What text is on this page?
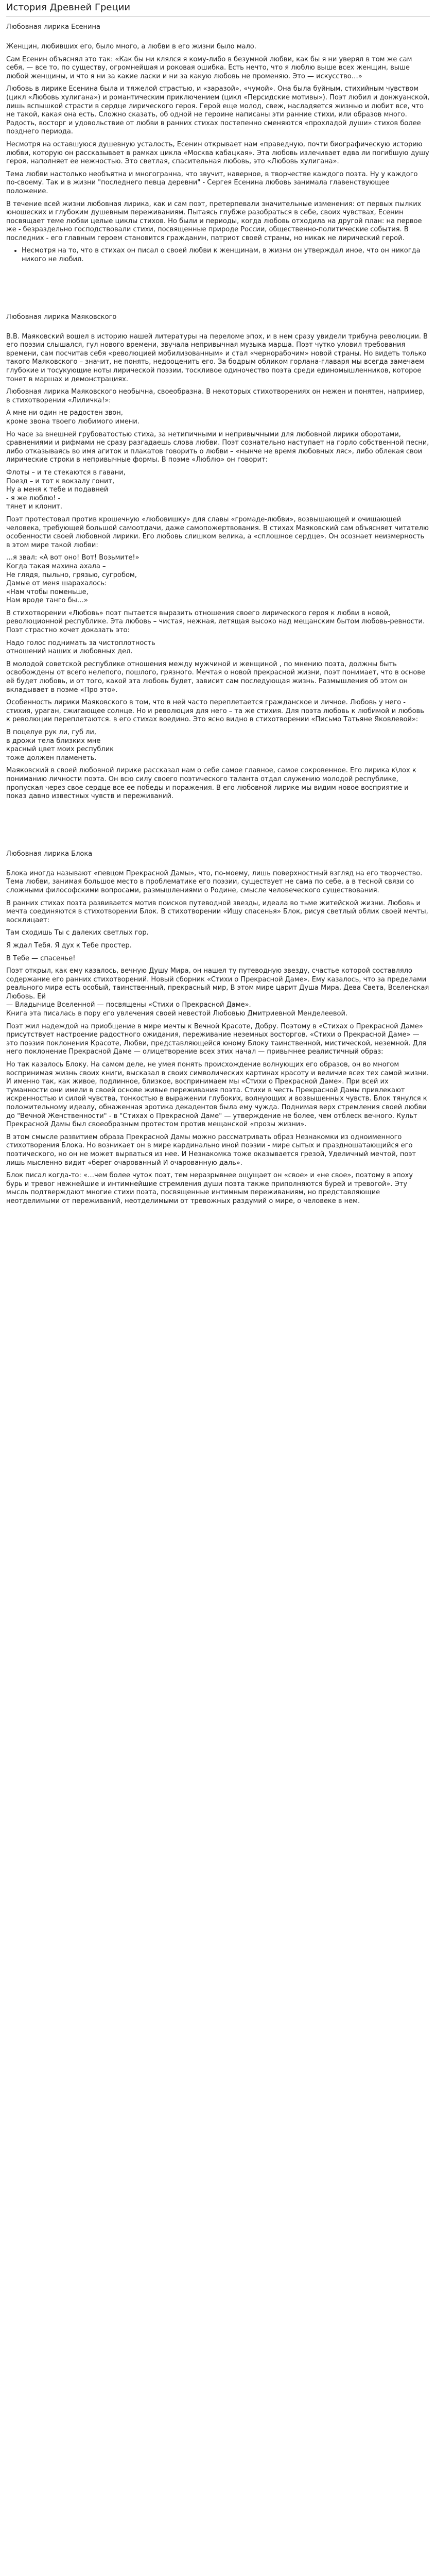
История Древней Греции
Любовная лирика Есенина

Женщин, любивших его, было много, а любви в его жизни было мало.

Сам Есенин объяснял это так: «Как бы ни клялся я кому-либо в безумной любви, как бы я ни уверял в том же сам себя, — все то, по существу, огромнейшая и роковая ошибка. Есть нечто, что я люблю выше всех женщин, выше любой женщины, и что я ни за какие ласки и ни за какую любовь не променяю. Это — искусство…»

Любовь в лирике Есенина была и тяжелой страстью, и «заразой», «чумой». Она была буйным, стихийным чувством (цикл «Любовь хулигана») и романтическим приключением (цикл «Персидские мотивы»). Поэт любил и донжуанской, лишь вспышкой страсти в сердце лирического героя. Герой еще молод, свеж, насладяется жизнью и любит все, что не такой, какая она есть. Сложно сказать, об одной не героине написаны эти ранние стихи, или образов много. Радость, восторг и удовольствие от любви в ранних стихах постепенно сменяются «прохладой души» стихов более позднего периода.

Несмотря на оставшуюся душевную усталость, Есенин открывает нам «праведную, почти биографическую историю любви, которую он рассказывает в рамках цикла «Москва кабацкая». Эта любовь излечивает едва ли погибшую душу героя, наполняет ее нежностью. Это светлая, спасительная любовь, это «Любовь хулигана».

Тема любви настолько необъятна и многогранна, что звучит, наверное, в творчестве каждого поэта. Ну у каждого по-своему. Так и в жизни "последнего певца деревни" - Сергея Есенина любовь занимала главенствующее положение.

В течение всей жизни любовная лирика, как и сам поэт, претерпевали значительные изменения: от первых пылких юношеских и глубоким душевным переживаниям. Пытаясь глубже разобраться в себе, своих чувствах, Есенин посвящает теме любви целые циклы стихов. Но были и периоды, когда любовь отходила на другой план: на первое же - безраздельно господствовали стихи, посвященные природе России, общественно-политические события. В последних - его главным героем становится гражданин, патриот своей страны, но никак не лирический герой.

• Несмотря на то, что в стихах он писал о своей любви к женщинам, в жизни он утверждал иное, что он никогда никого не любил.
Любовная лирика Маяковского

В.В. Маяковский вошел в историю нашей литературы на переломе эпох, и в нем сразу увидели трибуна революции. В его поэзии слышался, гул нового времени, звучала непривычная музыка марша. Поэт чутко уловил требования времени, сам посчитав себя «революцией мобилизованным» и стал «чернорабочим» новой страны. Но видеть только такого Маяковского – значит, не понять, недооценить его. За бодрым обликом горлана-главаря мы всегда замечаем глубокие и тосукующие ноты лирической поэзии, тоскливое одиночество поэта среди единомышленников, которое тонет в маршах и демонстрациях.

Любовная лирика Маяковского необычна, своеобразна. В некоторых стихотворениях он нежен и понятен, например, в стихотворении «Лиличка!»:

А мне ни один не радостен звон,
кроме звона твоего любимого имени.

Но часе за внешней грубоватостью стиха, за нетипичными и непривычными для любовной лирики оборотами, сравнениями и рифмами не сразу разгадаешь слова любви. Поэт сознательно наступает на горло собственной песни, либо отказываясь во имя агиток и плакатов говорить о любви – «нынче не время любовных ляс», либо облекая свои лирические строки в непривычные формы. В поэме «Люблю» он говорит:

Флоты – и те стекаются в гавани,
Поезд – и тот к вокзалу гонит,
Ну а меня к тебе и подавней
- я же люблю! -
тянет и клонит.

Поэт протестовал против крошечную «любовишку» для славы «громаде-любви», возвышающей и очищающей человека, требующей большой самоотдачи, даже самопожертвования. В стихах Маяковский сам объясняет читателю особенности своей любовной лирики. Его любовь слишком велика, а «сплошное сердце». Он осознает неизмерность в этом мире такой любви:

…я звал: «А вот оно! Вот! Возьмите!»
Когда такая махина ахала –
Не глядя, пыльно, грязью, сугробом,
Дамые от меня шарахалось:
«Нам чтобы поменьше,
Нам вроде танго бы…»

В стихотворении «Любовь» поэт пытается выразить отношения своего лирического героя к любви в новой, революционной республике. Эта любовь – чистая, нежная, летящая высоко над мещанским бытом любовь-ревности. Поэт страстно хочет доказать это:

Надо голос поднимать за чистоплотность
отношений наших и любовных дел.

В молодой советской республике отношения между мужчиной и женщиной , по мнению поэта, должны быть освобождены от всего нелепого, пошлого, грязного. Мечтая о новой прекрасной жизни, поэт понимает, что в основе её будет любовь, и от того, какой эта любовь будет, зависит сам последующая жизнь. Размышления об этом он вкладывает в поэме «Про это».

Особенность лирики Маяковского в том, что в ней часто переплетается гражданское и личное. Любовь у него - стихия, ураган, сжигающее солнце. Но и революция для него – та же стихия. Для поэта любовь к любимой и любовь к революции переплетаются. в его стихах воедино. Это ясно видно в стихотворении «Письмо Татьяне Яковлевой»:

В поцелуе рук ли, губ ли,
в дрожи тела близких мне
красный цвет моих республик
тоже должен пламенеть.

Маяковский в своей любовной лирике рассказал нам о себе самое главное, самое сокровенное. Его лирика к\лох к пониманию личности поэта. Он всю силу своего поэтического таланта отдал служению молодой республике, пропуская через свое сердце все ее победы и поражения. В его любовной лирике мы видим новое восприятие и показ давно известных чувств и переживаний.

Любовная лирика Блока

Блока иногда называют «певцом Прекрасной Дамы», что, по-моему, лишь поверхностный взгляд на его творчество. Тема любви, занимая большое место в проблематике его поэзии, существует не сама по себе, а в тесной связи со сложными философскими вопросами, размышлениями о Родине, смысле человеческого существования.

В ранних стихах поэта развивается мотив поисков путеводной звезды, идеала во тьме житейской жизни. Любовь и мечта соединяются в стихотворении Блок. В стихотворении «Ищу спасенья» Блок, рисуя светлый облик своей мечты, восклицает:

Там сходишь Ты с далеких светлых гор.

Я ждал Тебя. Я дух к Тебе простер.

В Тебе — спасенье!

Поэт открыл, как ему казалось, вечную Душу Мира, он нашел ту путеводную звезду, счастье которой составляло содержание его ранних стихотворений. Новый сборник «Стихи о Прекрасной Даме». Ему казалось, что за пределами реального мира есть особый, таинственный, прекрасный мир, В этом мире царит Душа Мира, Дева Света, Вселенская Любовь. Ей
— Владычице Вселенной — посвящены «Стихи о Прекрасной Даме».
Книга эта писалась в пору его увлечения своей невестой Любовью Дмитриевной Менделеевой.

Поэт жил надеждой на приобщение в мире мечты к Вечной Красоте, Добру. Поэтому в «Стихах о Прекрасной Даме» присутствует настроение радостного ожидания, переживание неземных восторгов. «Стихи о Прекрасной Даме» — это поэзия поклонения Красоте, Любви, представляющейся юному Блоку таинственной, мистической, неземной. Для него поклонение Прекрасной Даме — олицетворение всех этих начал — привычнее реалистичный образ:

Но так казалось Блоку. На самом деле, не умея понять происхождение волнующих его образов, он во многом воспринимая жизнь своих книги, высказал в своих символических картинах красоту и величие всех тех самой жизни. И именно так, как живое, подлинное, близкое, воспринимаем мы «Стихи о Прекрасной Даме». При всей их туманности они имели в своей основе живые переживания поэта. Стихи в честь Прекрасной Дамы привлекают искренностью и силой чувства, тонкостью в выражении глубоких, волнующих и возвышенных чувств. Блок тянулся к положительному идеалу, обнаженная эротика декадентов была ему чужда. Поднимая верх стремления своей любви до "Вечной Женственности" - в "Стихах о Прекрасной Даме" — утверждение не более, чем отблеск вечного. Культ Прекрасной Дамы был своеобразным протестом против мещанской «прозы жизни».

В этом смысле развитием образа Прекрасной Дамы можно рассматривать образ Незнакомки из одноименного стихотворения Блока. Но возникает он в мире кардинально иной поэзии - мире сытых и праздношатающийся его поэтического, но он не может вырваться из нее. И Незнакомка тоже оказывается грезой, Уделичный мечтой, поэт лишь мысленно видит «берег очарованный И очарованную даль».

Блок писал когда-то: «…чем более чуток поэт, тем неразрывнее ощущает он «свое» и «не свое», поэтому в эпоху бурь и тревог нежнейшие и интимнейшие стремления души поэта также приполняются бурей и тревогой». Эту мысль подтверждают многие стихи поэта, посвященные интимным переживаниям, но представляющие неотделимыми от переживаний, неотделимыми от тревожных раздумий о мире, о человеке в нем.
